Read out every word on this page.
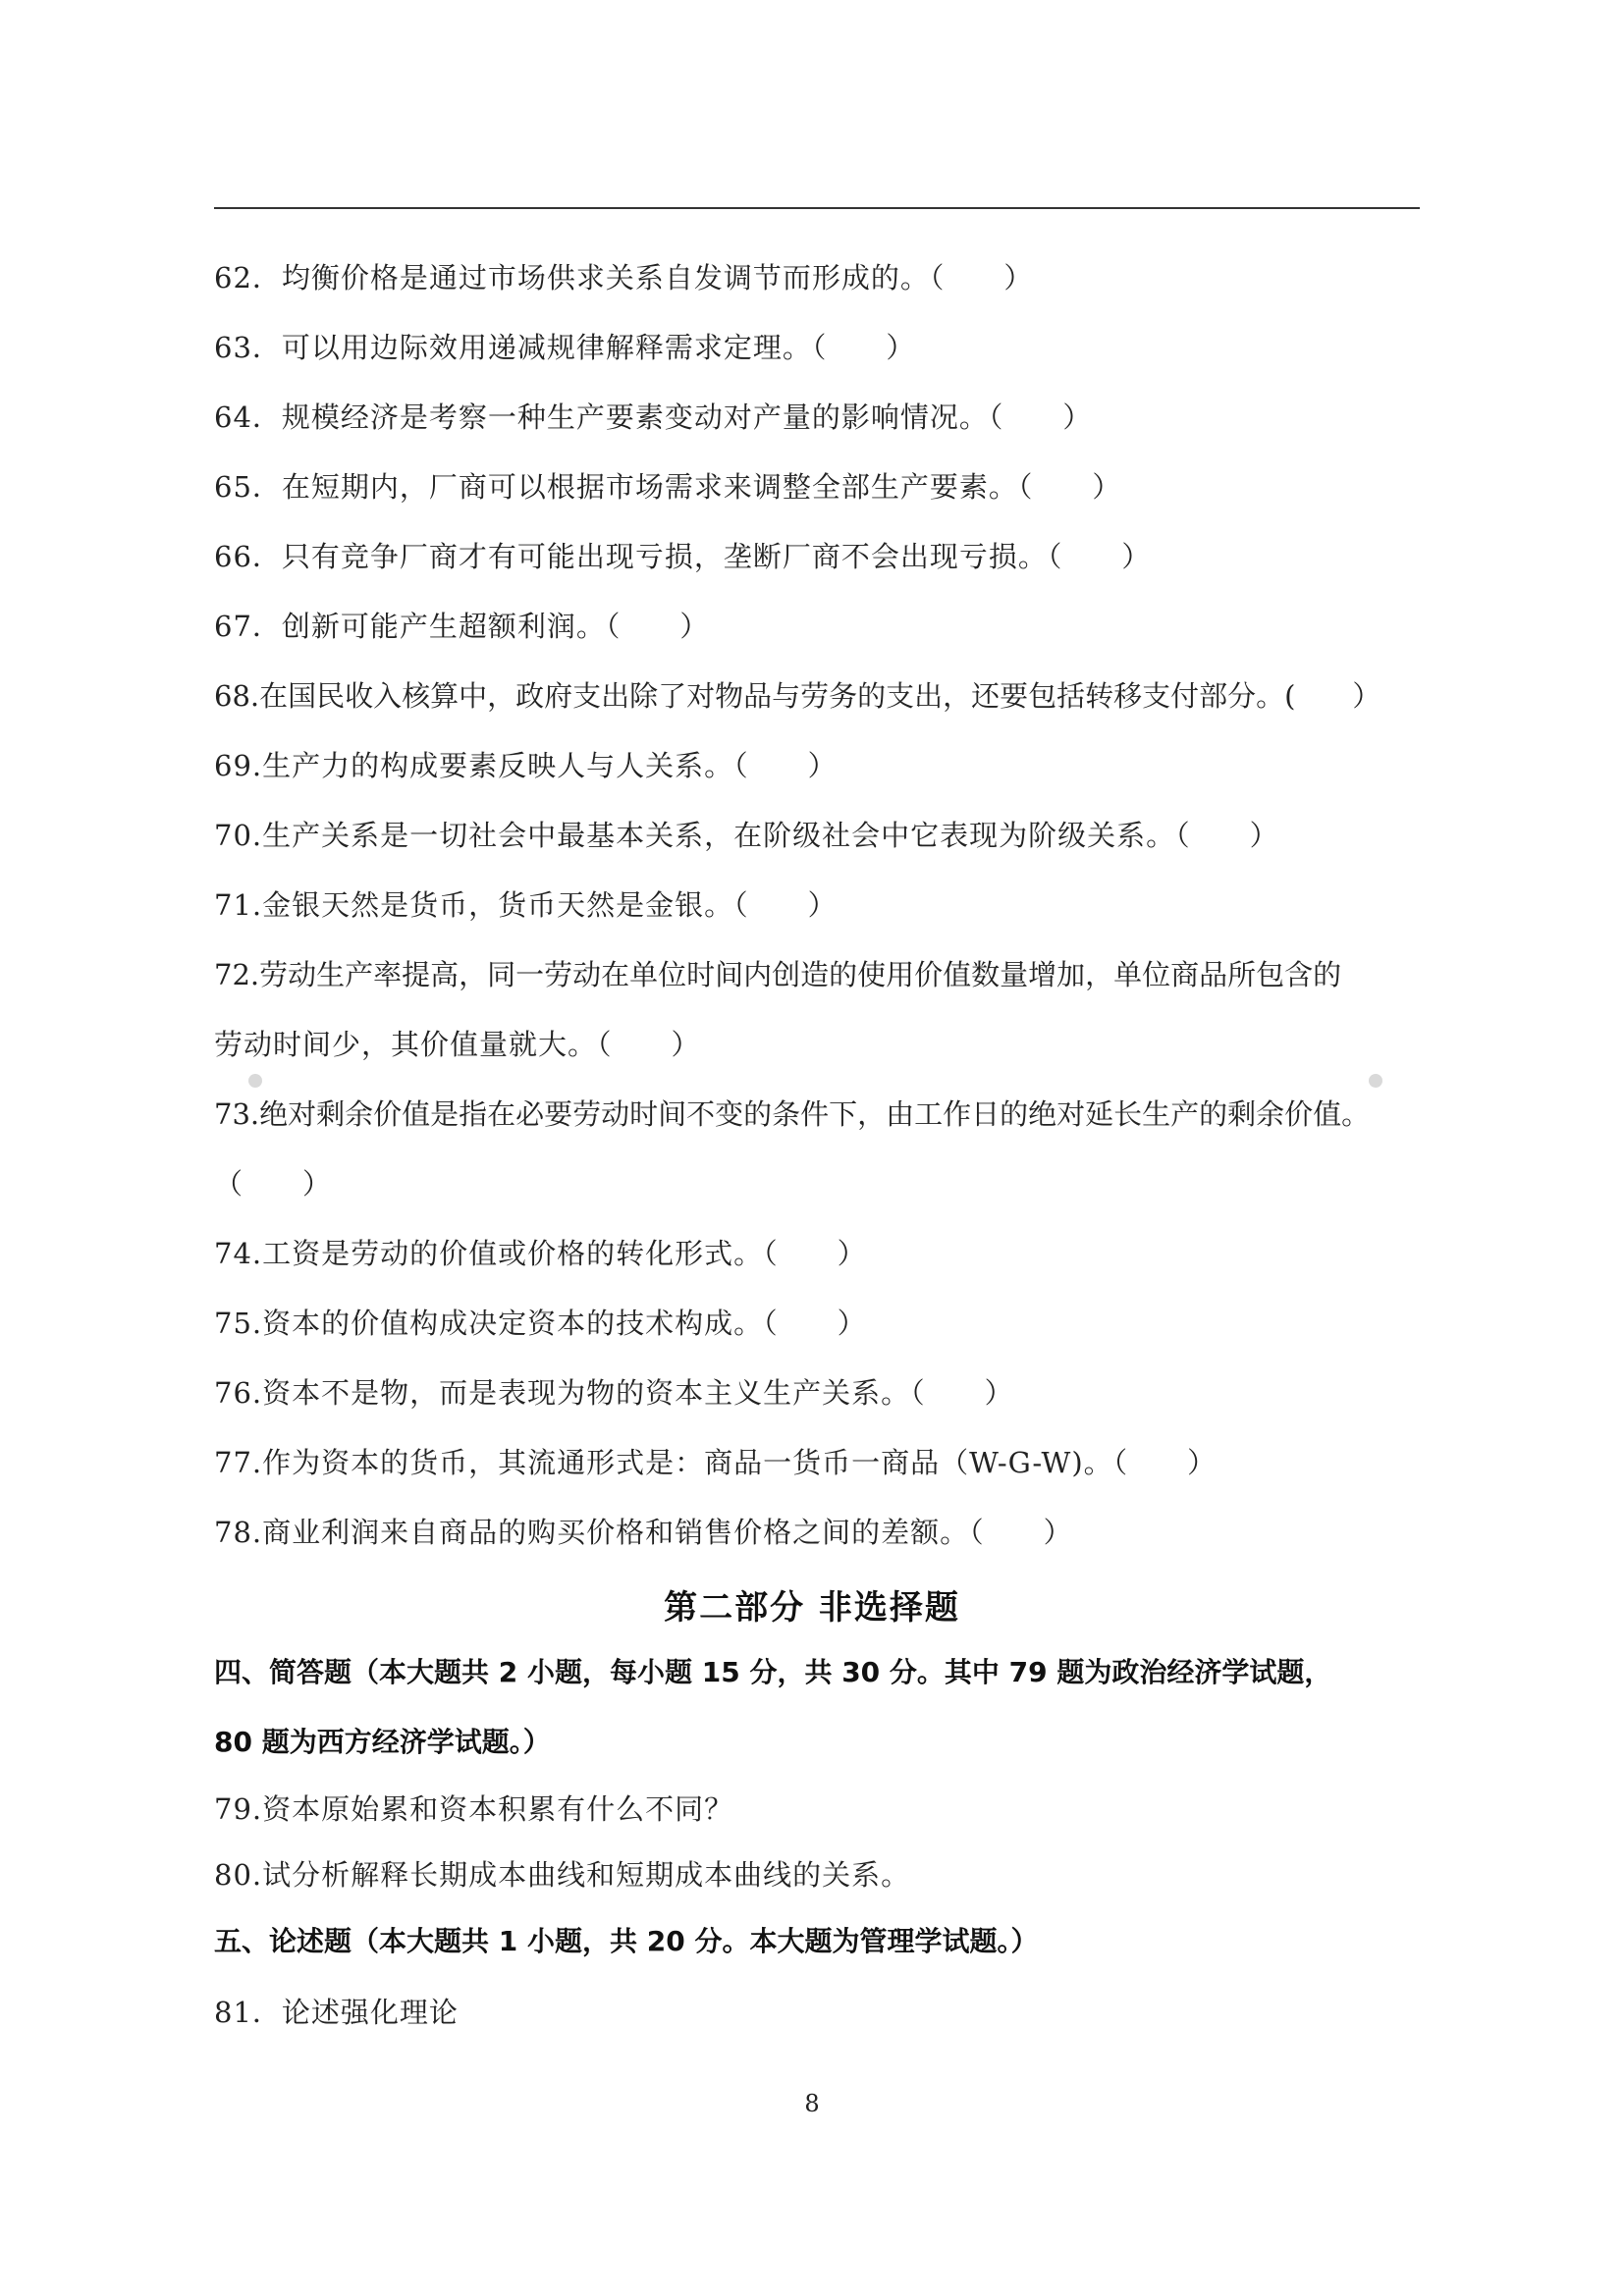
62．均衡价格是通过市场供求关系自发调节而形成的。（　　）
63．可以用边际效用递减规律解释需求定理。（　　）
64．规模经济是考察一种生产要素变动对产量的影响情况。（　　）
65．在短期内，厂商可以根据市场需求来调整全部生产要素。（　　）
66．只有竞争厂商才有可能出现亏损，垄断厂商不会出现亏损。（　　）
67．创新可能产生超额利润。（　　）
68.在国民收入核算中，政府支出除了对物品与劳务的支出，还要包括转移支付部分。(　　）
69.生产力的构成要素反映人与人关系。（　　）
70.生产关系是一切社会中最基本关系，在阶级社会中它表现为阶级关系。（　　）
71.金银天然是货币，货币天然是金银。（　　）
72.劳动生产率提高，同一劳动在单位时间内创造的使用价值数量增加，单位商品所包含的
劳动时间少，其价值量就大。（　　）
73.绝对剩余价值是指在必要劳动时间不变的条件下，由工作日的绝对延长生产的剩余价值。
（　　）
74.工资是劳动的价值或价格的转化形式。（　　）
75.资本的价值构成决定资本的技术构成。（　　）
76.资本不是物，而是表现为物的资本主义生产关系。（　　）
77.作为资本的货币，其流通形式是：商品一货币一商品（W-G-W)。（　　）
78.商业利润来自商品的购买价格和销售价格之间的差额。（　　）
第二部分 非选择题
四、简答题（本大题共 2 小题，每小题 15 分，共 30 分。其中 79 题为政治经济学试题，
80 题为西方经济学试题。）
79.资本原始累和资本积累有什么不同？
80.试分析解释长期成本曲线和短期成本曲线的关系。
五、论述题（本大题共 1 小题，共 20 分。本大题为管理学试题。）
81．论述强化理论
8
